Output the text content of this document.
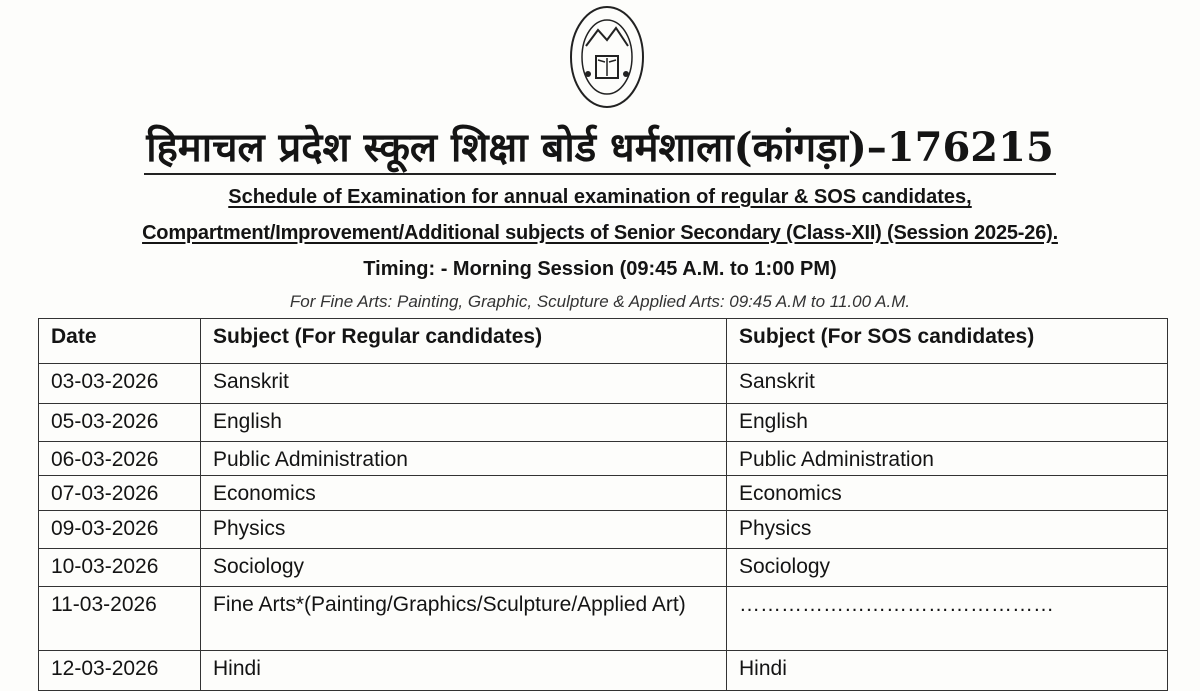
हिमाचल प्रदेश स्कूल शिक्षा बोर्ड धर्मशाला(कांगड़ा)–176215
Schedule of Examination for annual examination of regular & SOS candidates,
Compartment/Improvement/Additional subjects of Senior Secondary (Class-XII) (Session 2025-26).
Timing: - Morning Session (09:45 A.M. to 1:00 PM)
For Fine Arts: Painting, Graphic, Sculpture & Applied Arts: 09:45 A.M to 11.00 A.M.
Date	Subject (For Regular candidates)	Subject (For SOS candidates)
03-03-2026	Sanskrit	Sanskrit
05-03-2026	English	English
06-03-2026	Public Administration	Public Administration
07-03-2026	Economics	Economics
09-03-2026	Physics	Physics
10-03-2026	Sociology	Sociology
11-03-2026	Fine Arts*(Painting/Graphics/Sculpture/Applied Art)	………………………………………
12-03-2026	Hindi	Hindi
